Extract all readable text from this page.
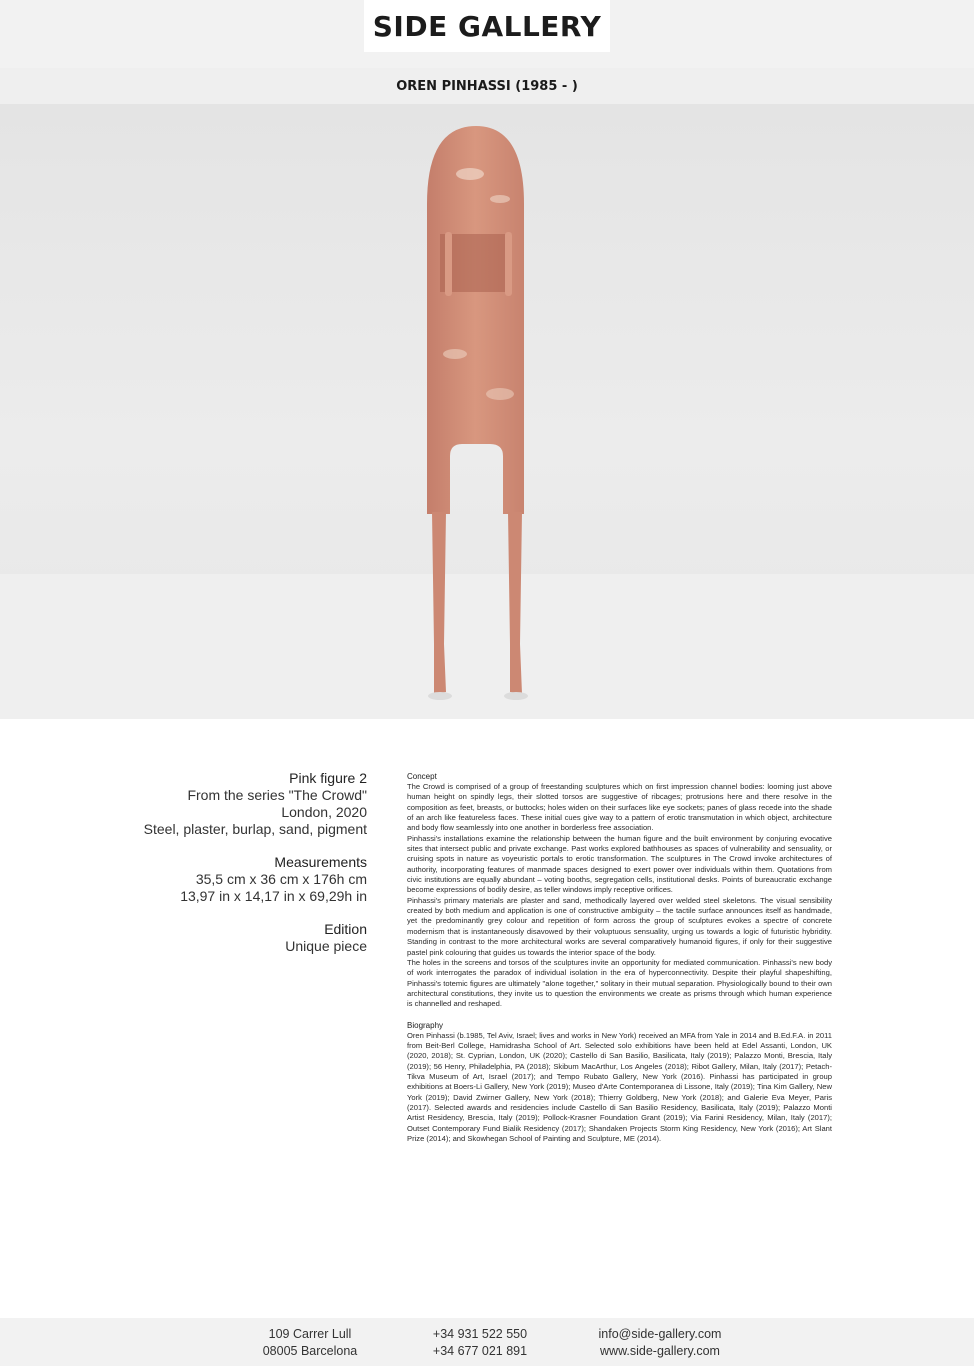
SIDE GALLERY
OREN PINHASSI (1985 - )
Pink figure 2
From the series "The Crowd"
London, 2020
Steel, plaster, burlap, sand, pigment
Measurements
35,5 cm x 36 cm x 176h cm
13,97 in x 14,17 in x 69,29h in
Edition
Unique piece
Concept

The Crowd is comprised of a group of freestanding sculptures which on first impression channel bodies: looming just above human height on spindly legs, their slotted torsos are suggestive of ribcages; protrusions here and there resolve in the composition as feet, breasts, or buttocks; holes widen on their surfaces like eye sockets; panes of glass recede into the shade of an arch like featureless faces. These initial cues give way to a pattern of erotic transmutation in which object, architecture and body flow seamlessly into one another in borderless free association.

Pinhassi's installations examine the relationship between the human figure and the built environment by conjuring evocative sites that intersect public and private exchange. Past works explored bathhouses as spaces of vulnerability and sensuality, or cruising spots in nature as voyeuristic portals to erotic transformation. The sculptures in The Crowd invoke architectures of authority, incorporating features of manmade spaces designed to exert power over individuals within them. Quotations from civic institutions are equally abundant – voting booths, segregation cells, institutional desks. Points of bureaucratic exchange become expressions of bodily desire, as teller windows imply receptive orifices.

Pinhassi's primary materials are plaster and sand, methodically layered over welded steel skeletons. The visual sensibility created by both medium and application is one of constructive ambiguity – the tactile surface announces itself as handmade, yet the predominantly grey colour and repetition of form across the group of sculptures evokes a spectre of concrete modernism that is instantaneously disavowed by their voluptuous sensuality, urging us towards a logic of futuristic hybridity. Standing in contrast to the more architectural works are several comparatively humanoid figures, if only for their suggestive pastel pink colouring that guides us towards the interior space of the body.

The holes in the screens and torsos of the sculptures invite an opportunity for mediated communication. Pinhassi's new body of work interrogates the paradox of individual isolation in the era of hyperconnectivity. Despite their playful shapeshifting, Pinhassi's totemic figures are ultimately "alone together," solitary in their mutual separation. Physiologically bound to their own architectural constitutions, they invite us to question the environments we create as prisms through which human experience is channelled and reshaped.

Biography

Oren Pinhassi (b.1985, Tel Aviv, Israel; lives and works in New York) received an MFA from Yale in 2014 and B.Ed.F.A. in 2011 from Beit-Berl College, Hamidrasha School of Art. Selected solo exhibitions have been held at Edel Assanti, London, UK (2020, 2018); St. Cyprian, London, UK (2020); Castello di San Basilio, Basilicata, Italy (2019); Palazzo Monti, Brescia, Italy (2019); 56 Henry, Philadelphia, PA (2018); Skibum MacArthur, Los Angeles (2018); Ribot Gallery, Milan, Italy (2017); Petach-Tikva Museum of Art, Israel (2017); and Tempo Rubato Gallery, New York (2016). Pinhassi has participated in group exhibitions at Boers-Li Gallery, New York (2019); Museo d'Arte Contemporanea di Lissone, Italy (2019); Tina Kim Gallery, New York (2019); David Zwirner Gallery, New York (2018); Thierry Goldberg, New York (2018); and Galerie Eva Meyer, Paris (2017). Selected awards and residencies include Castello di San Basilio Residency, Basilicata, Italy (2019); Palazzo Monti Artist Residency, Brescia, Italy (2019); Pollock-Krasner Foundation Grant (2019); Via Farini Residency, Milan, Italy (2017); Outset Contemporary Fund Bialik Residency (2017); Shandaken Projects Storm King Residency, New York (2016); Art Slant Prize (2014); and Skowhegan School of Painting and Sculpture, ME (2014).

109 Carrer Lull
08005 Barcelona
+34 931 522 550
+34 677 021 891
info@side-gallery.com
www.side-gallery.com
